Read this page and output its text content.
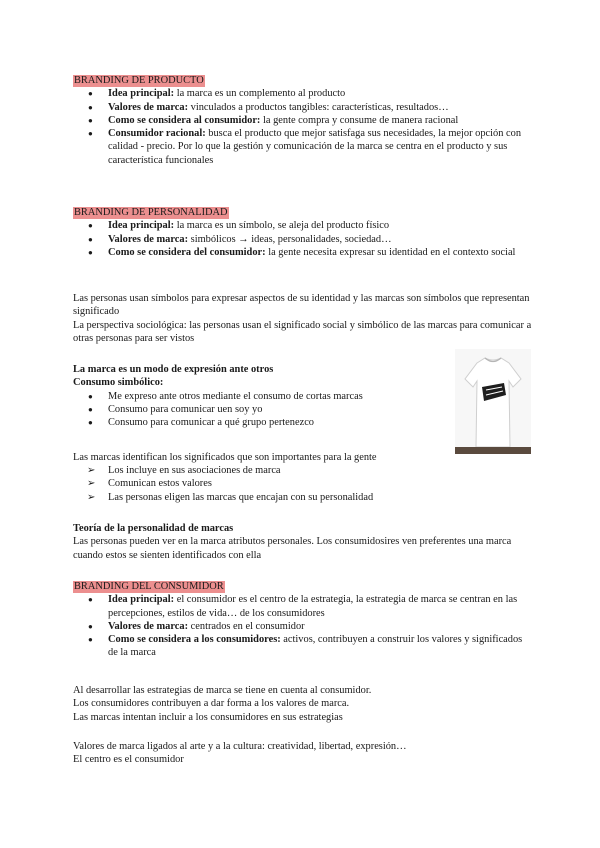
BRANDING DE PRODUCTO
● Idea principal: la marca es un complemento al producto
● Valores de marca: vinculados a productos tangibles: características, resultados…
● Como se considera al consumidor: la gente compra y consume de manera racional
● Consumidor racional: busca el producto que mejor satisfaga sus necesidades, la mejor opción con calidad - precio. Por lo que la gestión y comunicación de la marca se centra en el producto y sus característica funcionales
BRANDING DE PERSONALIDAD
● Idea principal: la marca es un símbolo, se aleja del producto físico
● Valores de marca: simbólicos → ideas, personalidades, sociedad…
● Como se considera del consumidor: la gente necesita expresar su identidad en el contexto social

Las personas usan símbolos para expresar aspectos de su identidad y las marcas son símbolos que representan significado

La perspectiva sociológica: las personas usan el significado social y simbólico de las marcas para comunicar a otras personas para ser vistos

La marca es un modo de expresión ante otros
Consumo simbólico:
● Me expreso ante otros mediante el consumo de cortas marcas
● Consumo para comunicar uen soy yo
● Consumo para comunicar a qué grupo pertenezco

Las marcas identifican los significados que son importantes para la gente

➢ Los incluye en sus asociaciones de marca
➢ Comunican estos valores
➢ Las personas eligen las marcas que encajan con su personalidad
Teoría de la personalidad de marcas

Las personas pueden ver en la marca atributos personales. Los consumidosires ven preferentes una marca cuando estos se sienten identificados con ella

BRANDING DEL CONSUMIDOR
● Idea principal: el consumidor es el centro de la estrategia, la estrategia de marca se centran en las percepciones, estilos de vida… de los consumidores
● Valores de marca: centrados en el consumidor
● Como se considera a los consumidores: activos, contribuyen a construir los valores y significados de la marca
Al desarrollar las estrategias de marca se tiene en cuenta al consumidor.
Los consumidores contribuyen a dar forma a los valores de marca.
Las marcas intentan incluir a los consumidores en sus estrategias
Valores de marca ligados al arte y a la cultura: creatividad, libertad, expresión…
El centro es el consumidor
